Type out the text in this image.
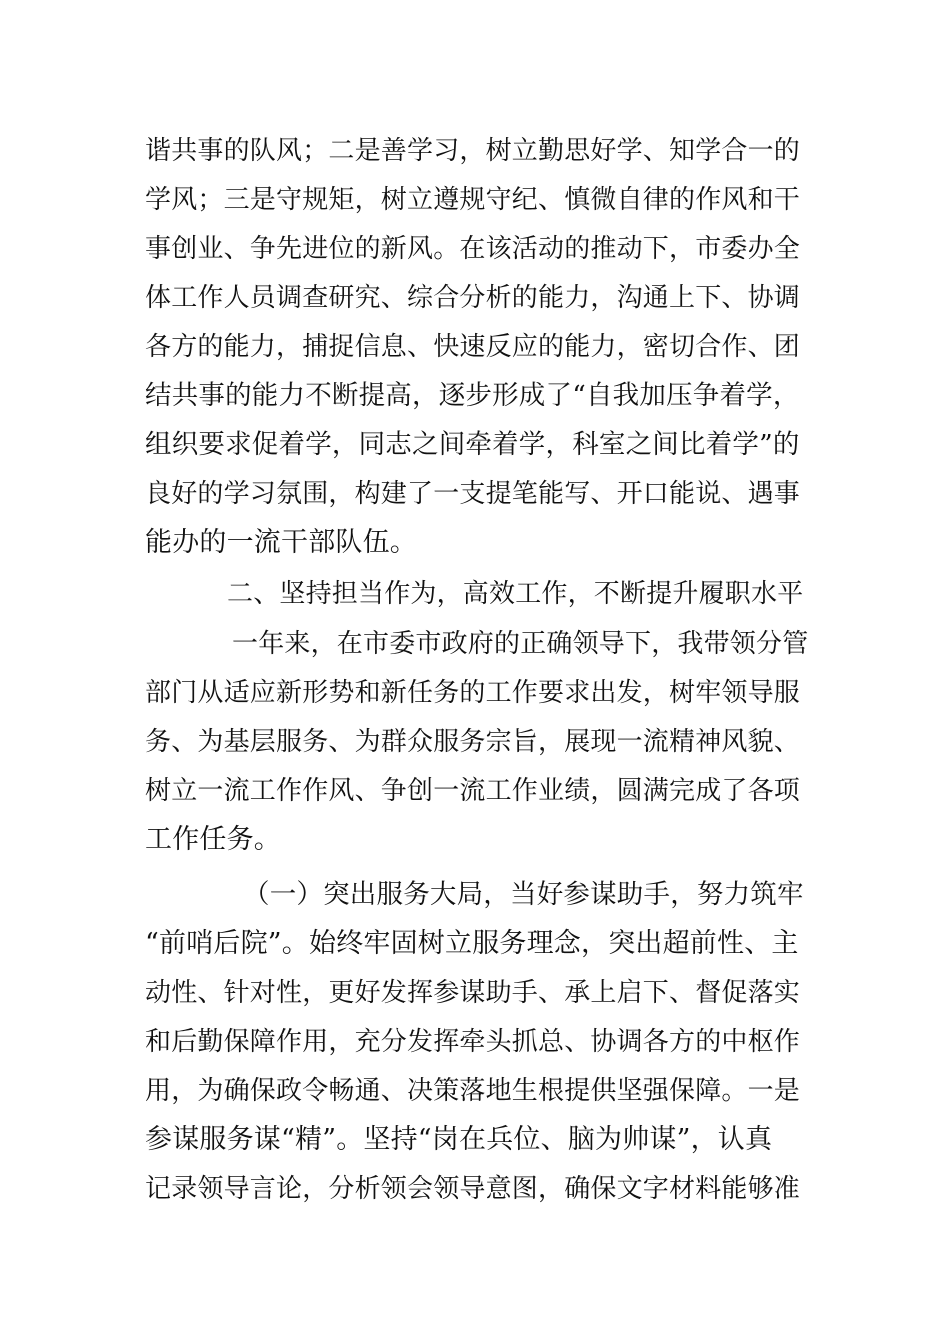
谐共事的队风；二是善学习，树立勤思好学、知学合一的

学风；三是守规矩，树立遵规守纪、慎微自律的作风和干

事创业、争先进位的新风。在该活动的推动下，市委办全

体工作人员调查研究、综合分析的能力，沟通上下、协调

各方的能力，捕捉信息、快速反应的能力，密切合作、团

结共事的能力不断提高，逐步形成了“自我加压争着学，

组织要求促着学，同志之间牵着学，科室之间比着学”的

良好的学习氛围，构建了一支提笔能写、开口能说、遇事

能办的一流干部队伍。

二、坚持担当作为，高效工作，不断提升履职水平

一年来，在市委市政府的正确领导下，我带领分管

部门从适应新形势和新任务的工作要求出发，树牢领导服

务、为基层服务、为群众服务宗旨，展现一流精神风貌、

树立一流工作作风、争创一流工作业绩，圆满完成了各项

工作任务。

（一）突出服务大局，当好参谋助手，努力筑牢

“前哨后院”。始终牢固树立服务理念，突出超前性、主

动性、针对性，更好发挥参谋助手、承上启下、督促落实

和后勤保障作用，充分发挥牵头抓总、协调各方的中枢作

用，为确保政令畅通、决策落地生根提供坚强保障。一是

参谋服务谋“精”。坚持“岗在兵位、脑为帅谋”，认真

记录领导言论，分析领会领导意图，确保文字材料能够准
